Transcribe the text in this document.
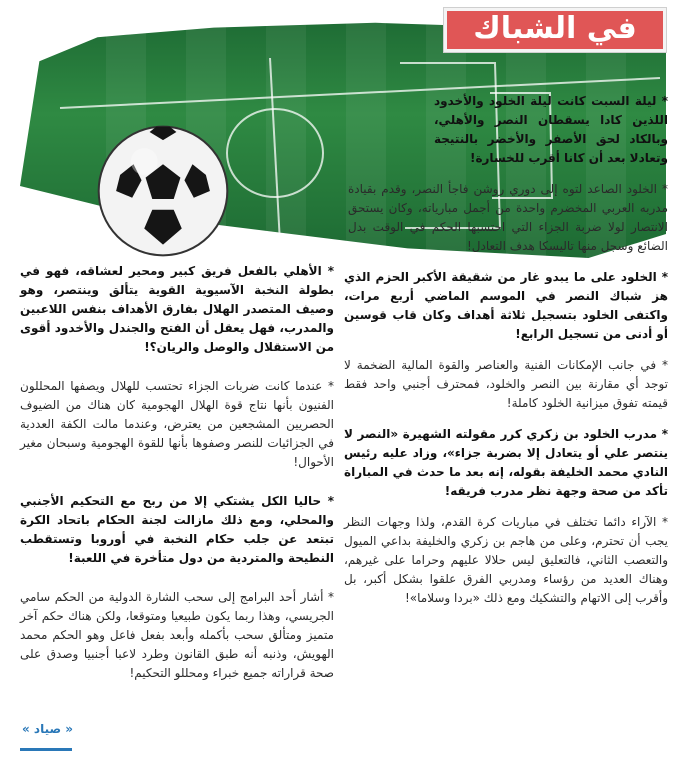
في الشباك

* ليلة السبت كانت ليلة الخلود والأخدود اللذين كادا يسقطان النصر والأهلي، وبالكاد لحق الأصفر والأخضر بالنتيجة وتعادلا بعد أن كانا أقرب للخسارة!

* الخلود الصاعد لتوه إلى دوري روشن فاجأ النصر، وقدم بقيادة مدربه العربي المخضرم واحدة من أجمل مبارياته، وكان يستحق الانتصار لولا ضربة الجزاء التي احتسبها الحكم في الوقت بدل الضائع وسجل منها تاليسكا هدف التعادل!

* الخلود على ما يبدو غار من شقيقة الأكبر الحزم الذي هز شباك النصر في الموسم الماضي أربع مرات، واكتفى الخلود بتسجيل ثلاثة أهداف وكان قاب قوسين أو أدنى من تسجيل الرابع!

* في جانب الإمكانات الفنية والعناصر والقوة المالية الضخمة لا توجد أي مقارنة بين النصر والخلود، فمحترف أجنبي واحد فقط قيمته تفوق ميزانية الخلود كاملة!

* مدرب الخلود بن زكري كرر مقولته الشهيرة «النصر لا ينتصر علي أو يتعادل إلا بضربة جزاء»، وزاد عليه رئيس النادي محمد الخليفة بقوله، إنه بعد ما حدث في المباراة تأكد من صحة وجهة نظر مدرب فريقه!

* الآراء دائما تختلف في مباريات كرة القدم، ولذا وجهات النظر يجب أن تحترم، وعلى من هاجم بن زكري والخليفة بداعي الميول والتعصب الثاني، فالتعليق ليس حلالا عليهم وحراما على غيرهم، وهناك العديد من رؤساء ومدربي الفرق علقوا بشكل أكبر، بل وأقرب إلى الاتهام والتشكيك ومع ذلك «بردا وسلاما»!

* الأهلي بالفعل فريق كبير ومحير لعشاقه، فهو في بطولة النخبة الآسيوية القوية يتألق وينتصر، وهو وصيف المتصدر الهلال بفارق الأهداف بنفس اللاعبين والمدرب، فهل يعقل أن الفتح والجندل والأخدود أقوى من الاستقلال والوصل والريان؟!

* عندما كانت ضربات الجزاء تحتسب للهلال ويصفها المحللون الفنيون بأنها نتاج قوة الهلال الهجومية كان هناك من الضيوف الحصريين المشجعين من يعترض، وعندما مالت الكفة العددية في الجزائيات للنصر وصفوها بأنها للقوة الهجومية وسبحان مغير الأحوال!

* حاليا الكل يشتكي إلا من ربح مع التحكيم الأجنبي والمحلي، ومع ذلك مازالت لجنة الحكام باتحاد الكرة تبتعد عن جلب حكام النخبة في أوروبا وتستقطب النطيحة والمتردية من دول متأخرة في اللعبة!

* أشار أحد البرامج إلى سحب الشارة الدولية من الحكم سامي الجريسي، وهذا ربما يكون طبيعيا ومتوقعا، ولكن هناك حكم آخر متميز ومتألق سحب بأكمله وأبعد بفعل فاعل وهو الحكم محمد الهويش، وذنبه أنه طبق القانون وطرد لاعبا أجنبيا وصدق على صحة قراراته جميع خبراء ومحللو التحكيم!

« صياد »
